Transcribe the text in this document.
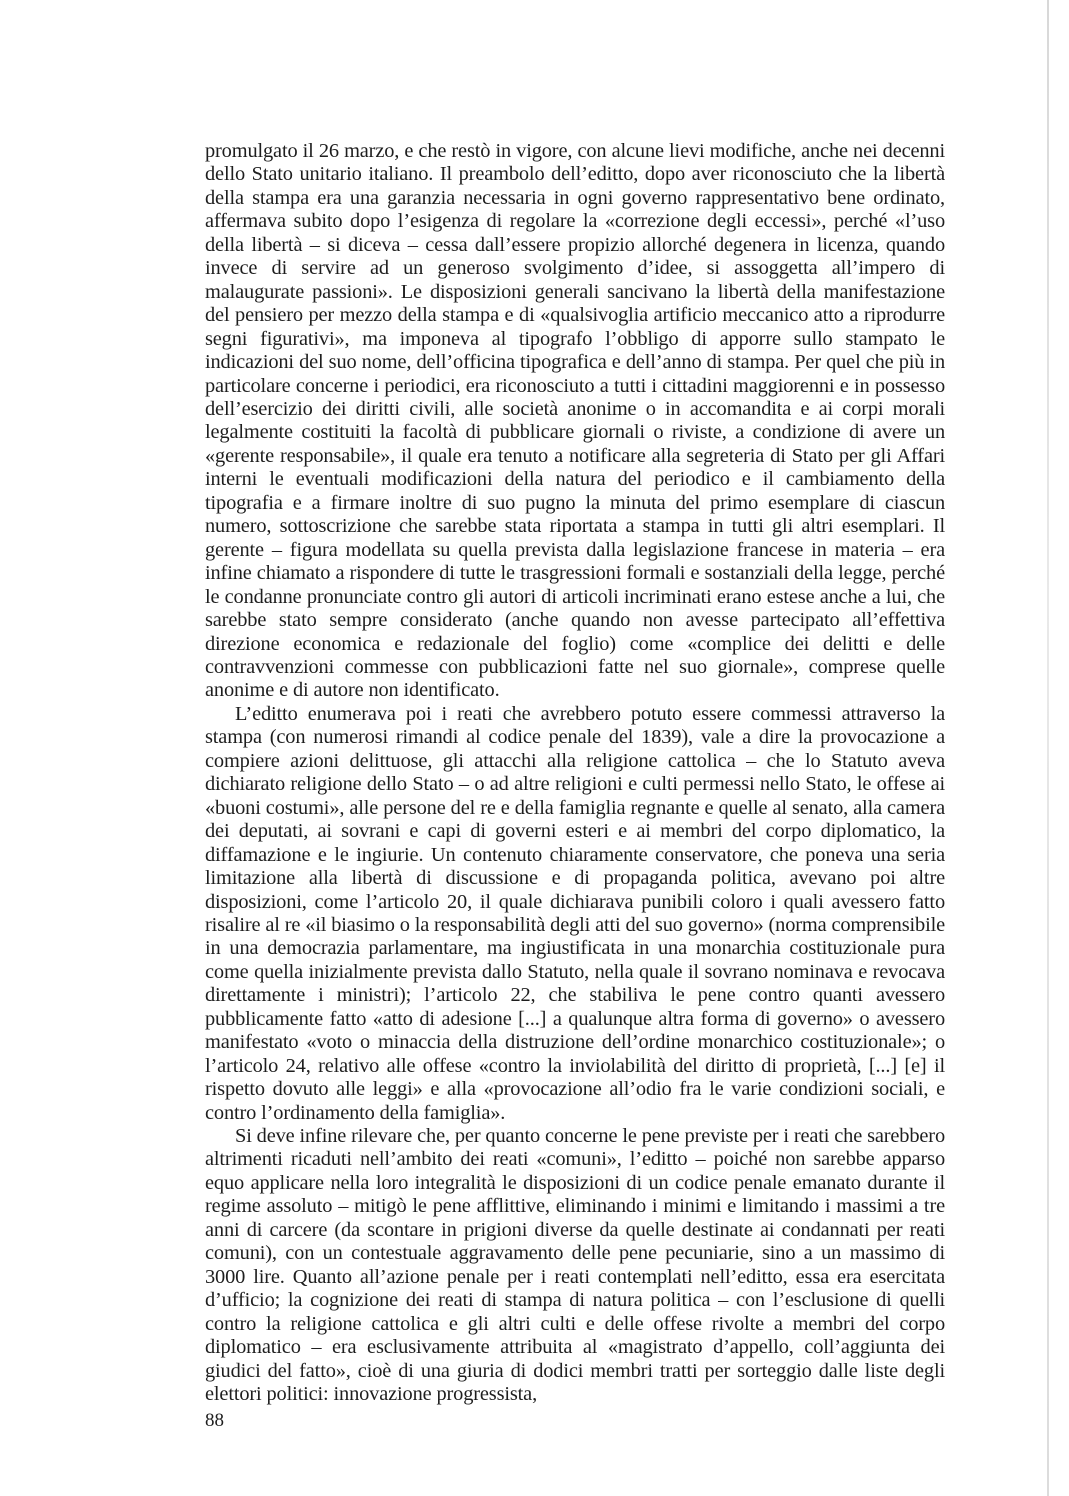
promulgato il 26 marzo, e che restò in vigore, con alcune lievi modifiche, anche nei decenni dello Stato unitario italiano. Il preambolo dell’editto, dopo aver riconosciuto che la libertà della stampa era una garanzia necessaria in ogni governo rappresentativo bene ordinato, affermava subito dopo l’esigenza di regolare la «correzione degli eccessi», perché «l’uso della libertà – si diceva – cessa dall’essere propizio allorché degenera in licenza, quando invece di servire ad un generoso svolgimento d’idee, si assoggetta all’impero di malaugurate passioni». Le disposizioni generali sancivano la libertà della manifestazione del pensiero per mezzo della stampa e di «qualsivoglia artificio meccanico atto a riprodurre segni figurativi», ma imponeva al tipografo l’obbligo di apporre sullo stampato le indicazioni del suo nome, dell’officina tipografica e dell’anno di stampa. Per quel che più in particolare concerne i periodici, era riconosciuto a tutti i cittadini maggiorenni e in possesso dell’esercizio dei diritti civili, alle società anonime o in accomandita e ai corpi morali legalmente costituiti la facoltà di pubblicare giornali o riviste, a condizione di avere un «gerente responsabile», il quale era tenuto a notificare alla segreteria di Stato per gli Affari interni le eventuali modificazioni della natura del periodico e il cambiamento della tipografia e a firmare inoltre di suo pugno la minuta del primo esemplare di ciascun numero, sottoscrizione che sarebbe stata riportata a stampa in tutti gli altri esemplari. Il gerente – figura modellata su quella prevista dalla legislazione francese in materia – era infine chiamato a rispondere di tutte le trasgressioni formali e sostanziali della legge, perché le condanne pronunciate contro gli autori di articoli incriminati erano estese anche a lui, che sarebbe stato sempre considerato (anche quando non avesse partecipato all’effettiva direzione economica e redazionale del foglio) come «complice dei delitti e delle contravvenzioni commesse con pubblicazioni fatte nel suo giornale», comprese quelle anonime e di autore non identificato.

L’editto enumerava poi i reati che avrebbero potuto essere commessi attraverso la stampa (con numerosi rimandi al codice penale del 1839), vale a dire la provocazione a compiere azioni delittuose, gli attacchi alla religione cattolica – che lo Statuto aveva dichiarato religione dello Stato – o ad altre religioni e culti permessi nello Stato, le offese ai «buoni costumi», alle persone del re e della famiglia regnante e quelle al senato, alla camera dei deputati, ai sovrani e capi di governi esteri e ai membri del corpo diplomatico, la diffamazione e le ingiurie. Un contenuto chiaramente conservatore, che poneva una seria limitazione alla libertà di discussione e di propaganda politica, avevano poi altre disposizioni, come l’articolo 20, il quale dichiarava punibili coloro i quali avessero fatto risalire al re «il biasimo o la responsabilità degli atti del suo governo» (norma comprensibile in una democrazia parlamentare, ma ingiustificata in una monarchia costituzionale pura come quella inizialmente prevista dallo Statuto, nella quale il sovrano nominava e revocava direttamente i ministri); l’articolo 22, che stabiliva le pene contro quanti avessero pubblicamente fatto «atto di adesione [...] a qualunque altra forma di governo» o avessero manifestato «voto o minaccia della distruzione dell’ordine monarchico costituzionale»; o l’articolo 24, relativo alle offese «contro la inviolabilità del diritto di proprietà, [...] [e] il rispetto dovuto alle leggi» e alla «provocazione all’odio fra le varie condizioni sociali, e contro l’ordinamento della famiglia».

Si deve infine rilevare che, per quanto concerne le pene previste per i reati che sarebbero altrimenti ricaduti nell’ambito dei reati «comuni», l’editto – poiché non sarebbe apparso equo applicare nella loro integralità le disposizioni di un codice penale emanato durante il regime assoluto – mitigò le pene afflittive, eliminando i minimi e limitando i massimi a tre anni di carcere (da scontare in prigioni diverse da quelle destinate ai condannati per reati comuni), con un contestuale aggravamento delle pene pecuniarie, sino a un massimo di 3000 lire. Quanto all’azione penale per i reati contemplati nell’editto, essa era esercitata d’ufficio; la cognizione dei reati di stampa di natura politica – con l’esclusione di quelli contro la religione cattolica e gli altri culti e delle offese rivolte a membri del corpo diplomatico – era esclusivamente attribuita al «magistrato d’appello, coll’aggiunta dei giudici del fatto», cioè di una giuria di dodici membri tratti per sorteggio dalle liste degli elettori politici: innovazione progressista,

88
